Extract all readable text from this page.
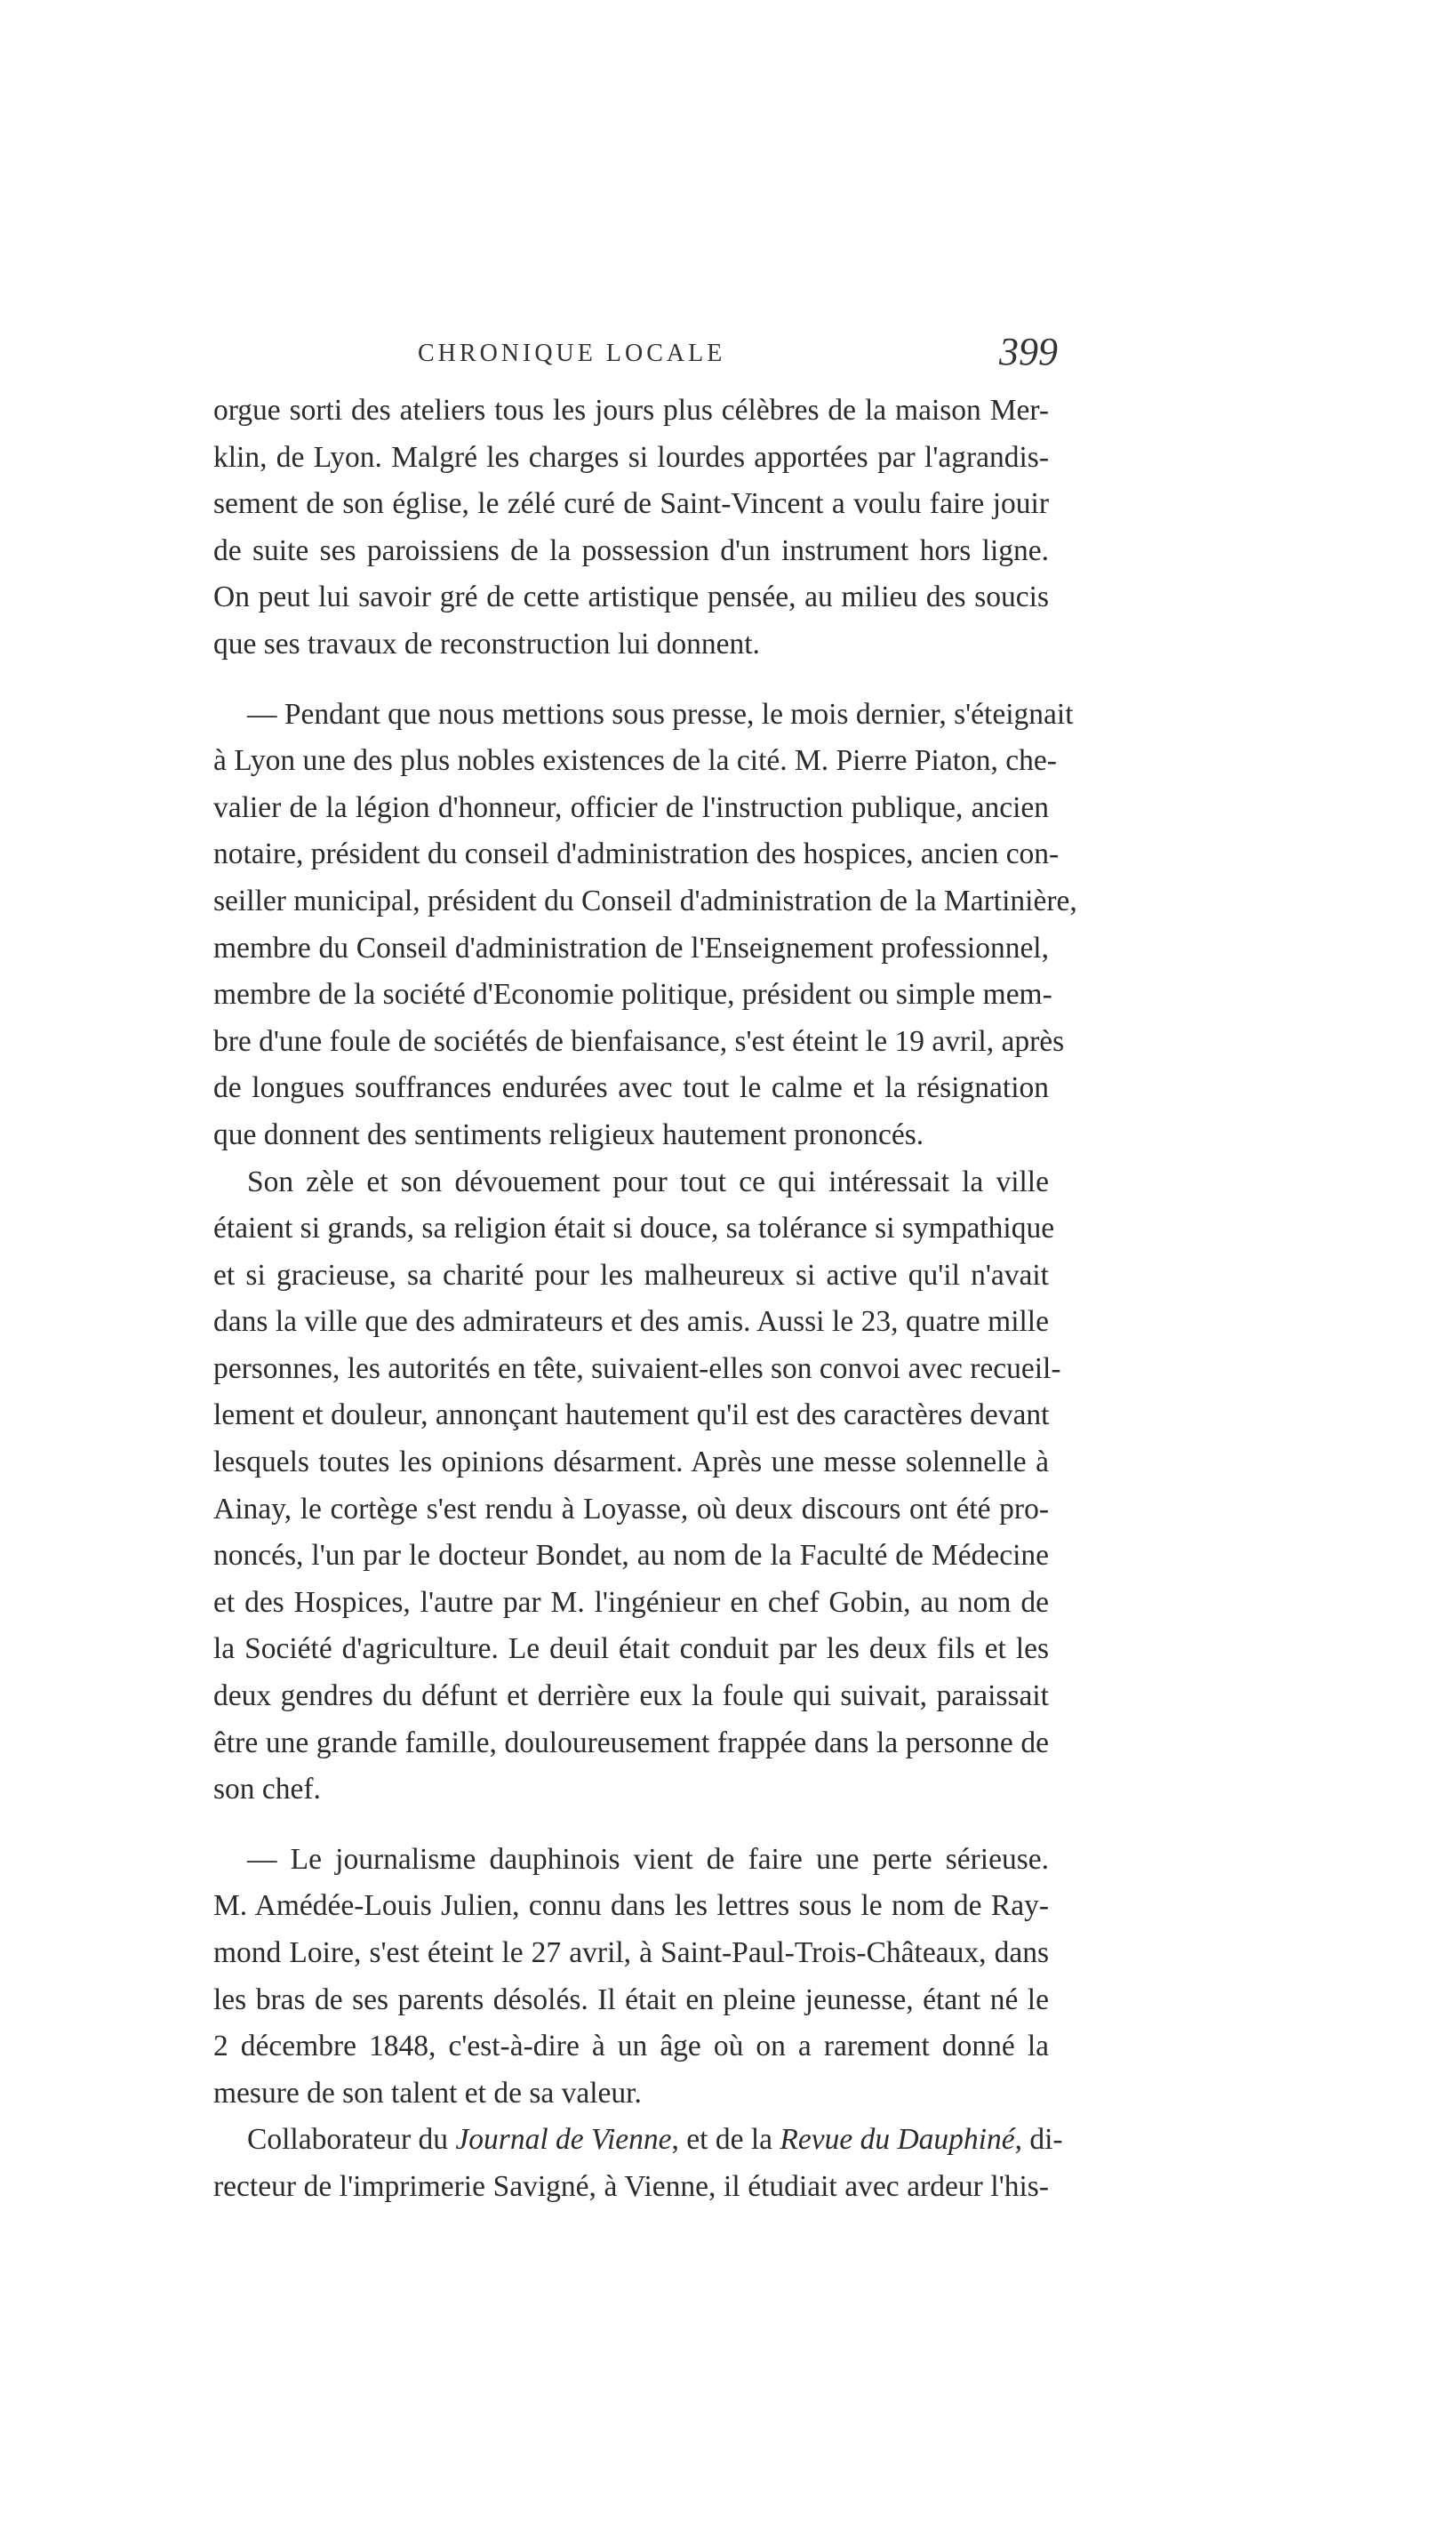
CHRONIQUE LOCALE	399
orgue sorti des ateliers tous les jours plus célèbres de la maison Mer-
klin, de Lyon. Malgré les charges si lourdes apportées par l'agrandis-
sement de son église, le zélé curé de Saint-Vincent a voulu faire jouir
de suite ses paroissiens de la possession d'un instrument hors ligne.
On peut lui savoir gré de cette artistique pensée, au milieu des soucis
que ses travaux de reconstruction lui donnent.
— Pendant que nous mettions sous presse, le mois dernier, s'éteignait
à Lyon une des plus nobles existences de la cité. M. Pierre Piaton, che-
valier de la légion d'honneur, officier de l'instruction publique, ancien
notaire, président du conseil d'administration des hospices, ancien con-
seiller municipal, président du Conseil d'administration de la Martinière,
membre du Conseil d'administration de l'Enseignement professionnel,
membre de la société d'Economie politique, président ou simple mem-
bre d'une foule de sociétés de bienfaisance, s'est éteint le 19 avril, après
de longues souffrances endurées avec tout le calme et la résignation
que donnent des sentiments religieux hautement prononcés.
Son zèle et son dévouement pour tout ce qui intéressait la ville
étaient si grands, sa religion était si douce, sa tolérance si sympathique
et si gracieuse, sa charité pour les malheureux si active qu'il n'avait
dans la ville que des admirateurs et des amis. Aussi le 23, quatre mille
personnes, les autorités en tête, suivaient-elles son convoi avec recueil-
lement et douleur, annonçant hautement qu'il est des caractères devant
lesquels toutes les opinions désarment. Après une messe solennelle à
Ainay, le cortège s'est rendu à Loyasse, où deux discours ont été pro-
noncés, l'un par le docteur Bondet, au nom de la Faculté de Médecine
et des Hospices, l'autre par M. l'ingénieur en chef Gobin, au nom de
la Société d'agriculture. Le deuil était conduit par les deux fils et les
deux gendres du défunt et derrière eux la foule qui suivait, paraissait
être une grande famille, douloureusement frappée dans la personne de
son chef.
— Le journalisme dauphinois vient de faire une perte sérieuse.
M. Amédée-Louis Julien, connu dans les lettres sous le nom de Ray-
mond Loire, s'est éteint le 27 avril, à Saint-Paul-Trois-Châteaux, dans
les bras de ses parents désolés. Il était en pleine jeunesse, étant né le
2 décembre 1848, c'est-à-dire à un âge où on a rarement donné la
mesure de son talent et de sa valeur.
Collaborateur du Journal de Vienne, et de la Revue du Dauphiné, di-
recteur de l'imprimerie Savigné, à Vienne, il étudiait avec ardeur l'his-
